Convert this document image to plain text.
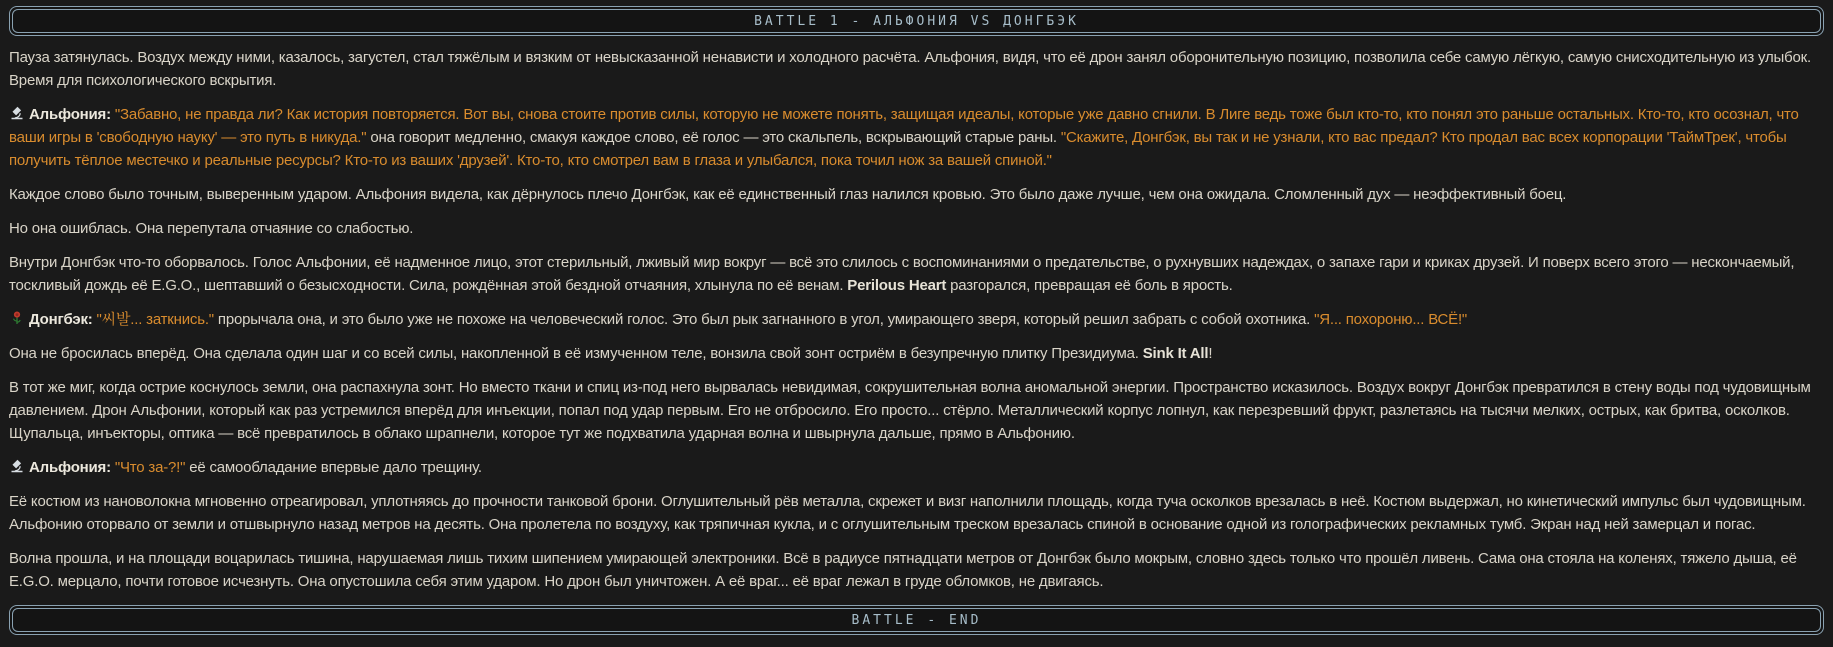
BATTLE 1 - АЛЬФОНИЯ VS ДОНГБЭК

Пауза затянулась. Воздух между ними, казалось, загустел, стал тяжёлым и вязким от невысказанной ненависти и холодного расчёта. Альфония, видя, что её дрон занял оборонительную позицию, позволила себе самую лёгкую, самую снисходительную из улыбок. Время для психологического вскрытия.

Альфония: "Забавно, не правда ли? Как история повторяется. Вот вы, снова стоите против силы, которую не можете понять, защищая идеалы, которые уже давно сгнили. В Лиге ведь тоже был кто-то, кто понял это раньше остальных. Кто-то, кто осознал, что ваши игры в 'свободную науку' — это путь в никуда." она говорит медленно, смакуя каждое слово, её голос — это скальпель, вскрывающий старые раны. "Скажите, Донгбэк, вы так и не узнали, кто вас предал? Кто продал вас всех корпорации 'ТаймТрек', чтобы получить тёплое местечко и реальные ресурсы? Кто-то из ваших 'друзей'. Кто-то, кто смотрел вам в глаза и улыбался, пока точил нож за вашей спиной."

Каждое слово было точным, выверенным ударом. Альфония видела, как дёрнулось плечо Донгбэк, как её единственный глаз налился кровью. Это было даже лучше, чем она ожидала. Сломленный дух — неэффективный боец.

Но она ошиблась. Она перепутала отчаяние со слабостью.

Внутри Донгбэк что-то оборвалось. Голос Альфонии, её надменное лицо, этот стерильный, лживый мир вокруг — всё это слилось с воспоминаниями о предательстве, о рухнувших надеждах, о запахе гари и криках друзей. И поверх всего этого — нескончаемый, тоскливый дождь её E.G.O., шептавший о безысходности. Сила, рождённая этой бездной отчаяния, хлынула по её венам. Perilous Heart разгорался, превращая её боль в ярость.

Донгбэк: "씨발... заткнись." прорычала она, и это было уже не похоже на человеческий голос. Это был рык загнанного в угол, умирающего зверя, который решил забрать с собой охотника. "Я... похороню... ВСЁ!"

Она не бросилась вперёд. Она сделала один шаг и со всей силы, накопленной в её измученном теле, вонзила свой зонт остриём в безупречную плитку Президиума. Sink It All!

В тот же миг, когда острие коснулось земли, она распахнула зонт. Но вместо ткани и спиц из-под него вырвалась невидимая, сокрушительная волна аномальной энергии. Пространство исказилось. Воздух вокруг Донгбэк превратился в стену воды под чудовищным давлением. Дрон Альфонии, который как раз устремился вперёд для инъекции, попал под удар первым. Его не отбросило. Его просто... стёрло. Металлический корпус лопнул, как перезревший фрукт, разлетаясь на тысячи мелких, острых, как бритва, осколков. Щупальца, инъекторы, оптика — всё превратилось в облако шрапнели, которое тут же подхватила ударная волна и швырнула дальше, прямо в Альфонию.

Альфония: "Что за-?!" её самообладание впервые дало трещину.

Её костюм из нановолокна мгновенно отреагировал, уплотняясь до прочности танковой брони. Оглушительный рёв металла, скрежет и визг наполнили площадь, когда туча осколков врезалась в неё. Костюм выдержал, но кинетический импульс был чудовищным. Альфонию оторвало от земли и отшвырнуло назад метров на десять. Она пролетела по воздуху, как тряпичная кукла, и с оглушительным треском врезалась спиной в основание одной из голографических рекламных тумб. Экран над ней замерцал и погас.

Волна прошла, и на площади воцарилась тишина, нарушаемая лишь тихим шипением умирающей электроники. Всё в радиусе пятнадцати метров от Донгбэк было мокрым, словно здесь только что прошёл ливень. Сама она стояла на коленях, тяжело дыша, её E.G.O. мерцало, почти готовое исчезнуть. Она опустошила себя этим ударом. Но дрон был уничтожен. А её враг... её враг лежал в груде обломков, не двигаясь.

BATTLE - END
